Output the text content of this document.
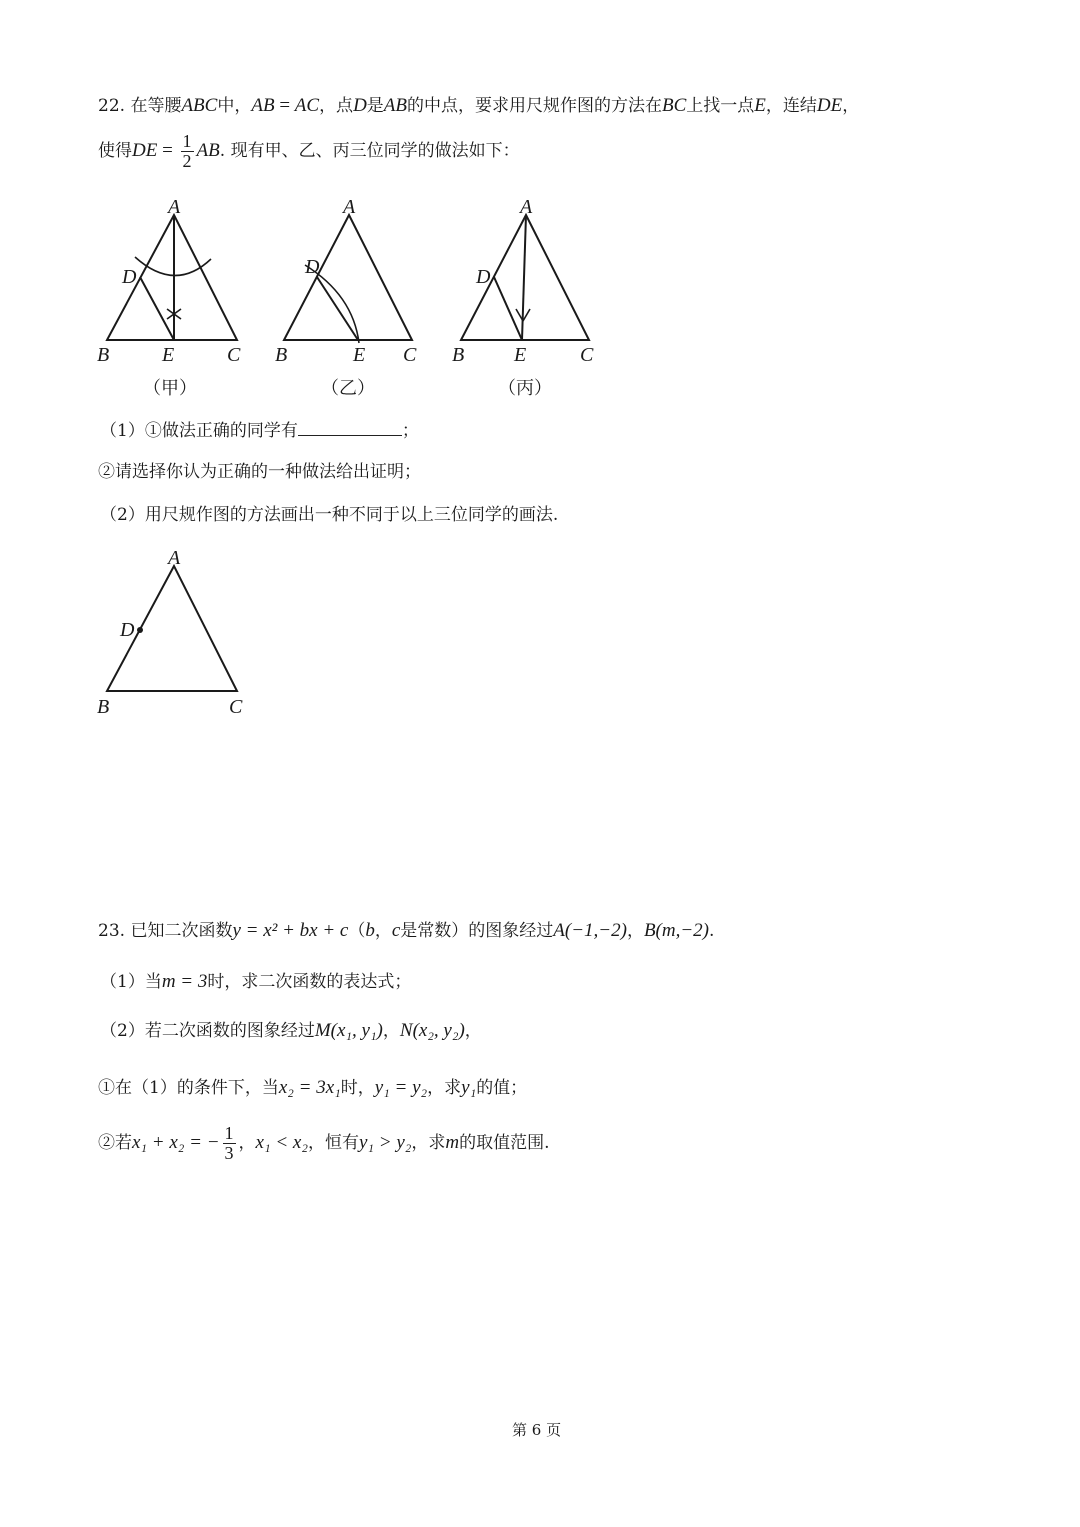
22. 在等腰ABC中，AB = AC，点D是AB的中点，要求用尺规作图的方法在BC上找一点E，连结DE，
使得DE = $\frac{1}{2}$ AB. 现有甲、乙、丙三位同学的做法如下：
A
D
B	E	C
A
D
B	E C
A
D
B E	C
（甲）	（乙）	（丙）
（1）①做法正确的同学有	；
②请选择你认为正确的一种做法给出证明；
（2）用尺规作图的方法画出一种不同于以上三位同学的画法.
A
D
B	C
23. 已知二次函数y = x² + bx + c（b，c是常数）的图象经过A(−1,−2)，B(m,−2).
（1）当m = 3时，求二次函数的表达式；
（2）若二次函数的图象经过M(x₁, y₁)，N(x₂, y₂)，
①在（1）的条件下，当x₂ = 3x₁时，y₁ = y₂，求y₁的值；
②若x₁ + x₂ = − $\frac{1}{3}$ ，x₁ < x₂，恒有y₁ > y₂，求m的取值范围.
第 6 页
